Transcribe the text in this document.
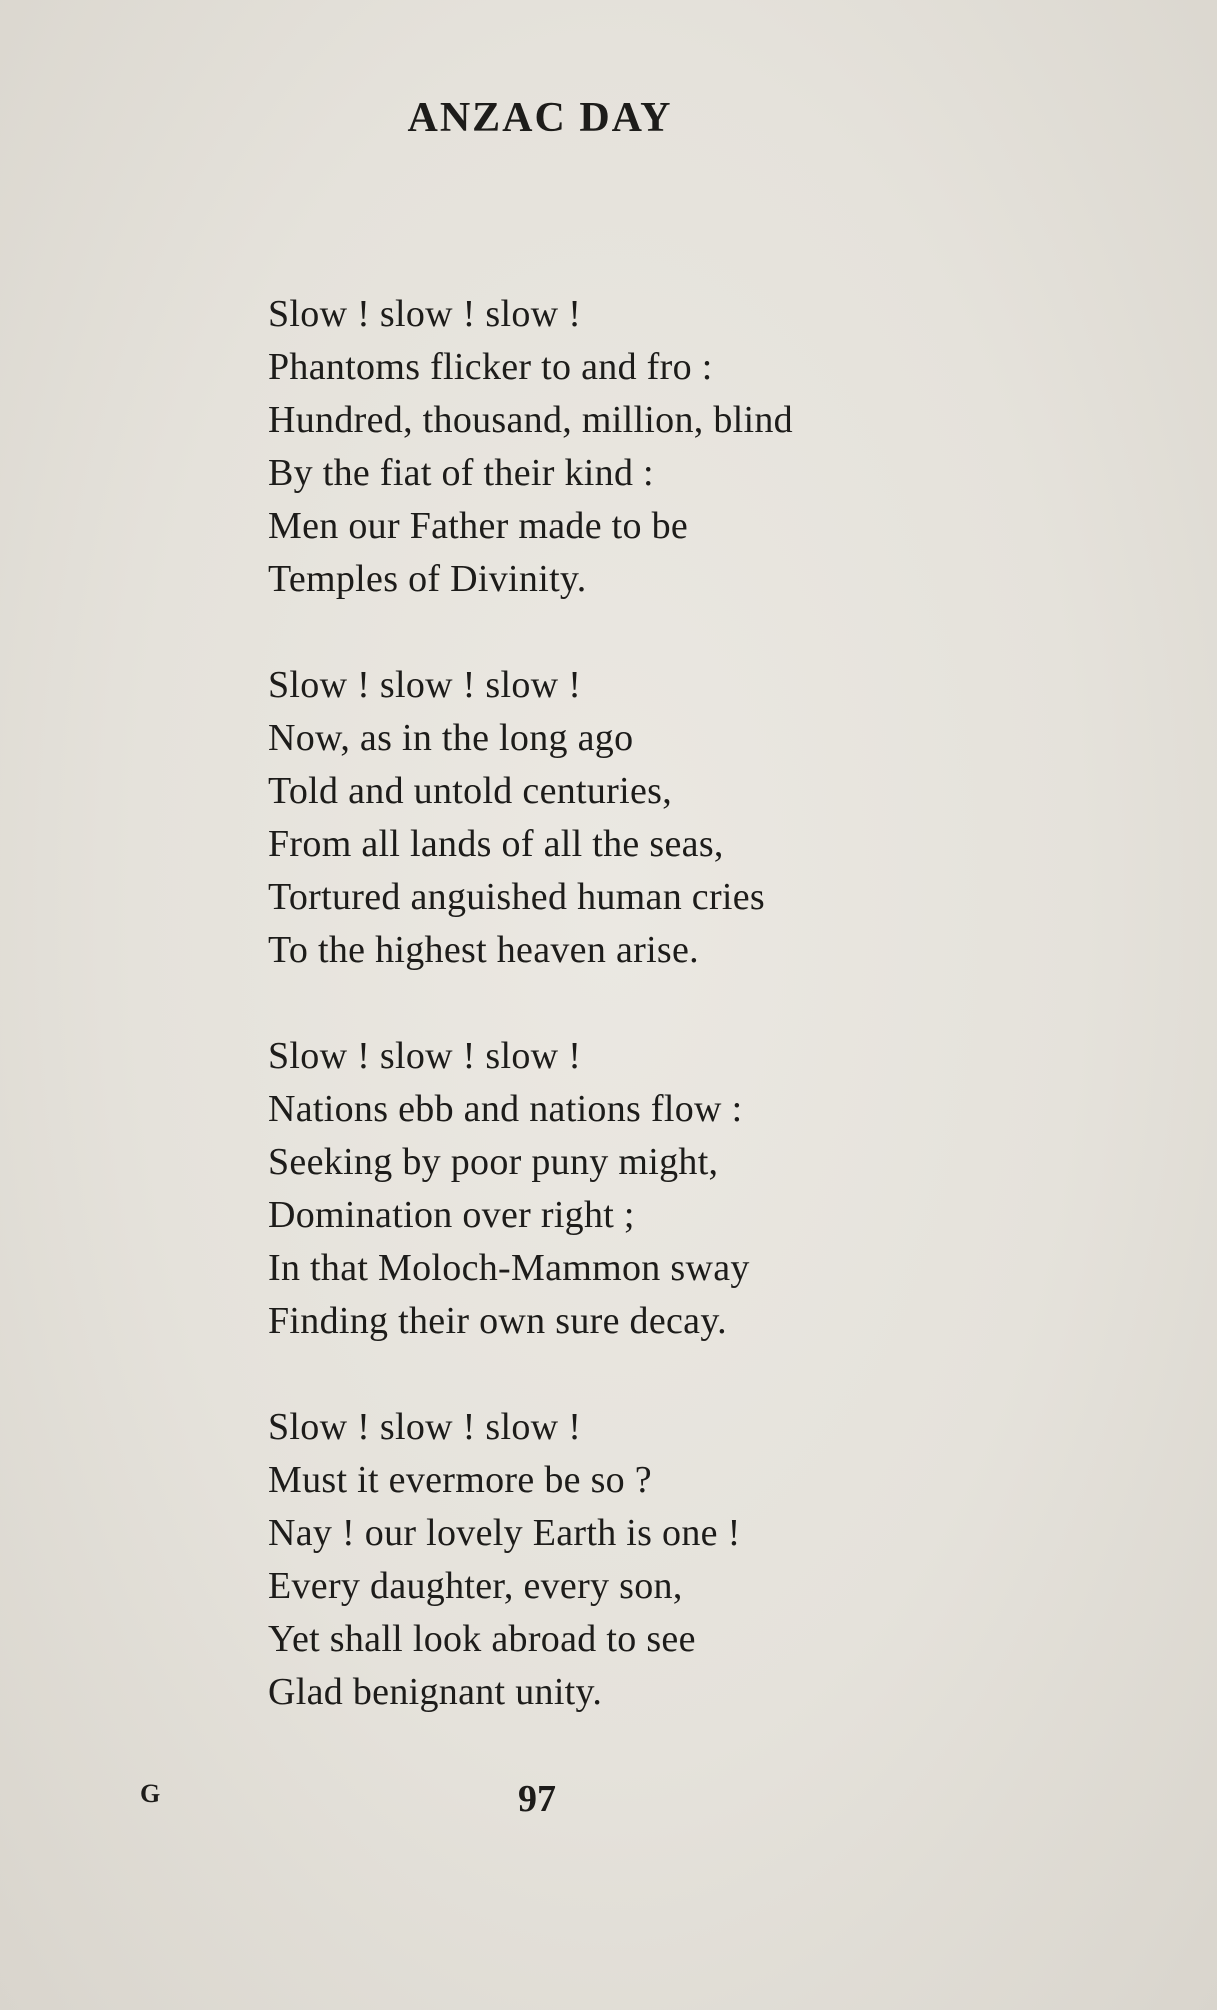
ANZAC DAY
Slow ! slow ! slow !
Phantoms flicker to and fro :
Hundred, thousand, million, blind
By the fiat of their kind :
Men our Father made to be
Temples of Divinity.
Slow ! slow ! slow !
Now, as in the long ago
Told and untold centuries,
From all lands of all the seas,
Tortured anguished human cries
To the highest heaven arise.
Slow ! slow ! slow !
Nations ebb and nations flow :
Seeking by poor puny might,
Domination over right ;
In that Moloch-Mammon sway
Finding their own sure decay.
Slow ! slow ! slow !
Must it evermore be so ?
Nay ! our lovely Earth is one !
Every daughter, every son,
Yet shall look abroad to see
Glad benignant unity.
G	97
